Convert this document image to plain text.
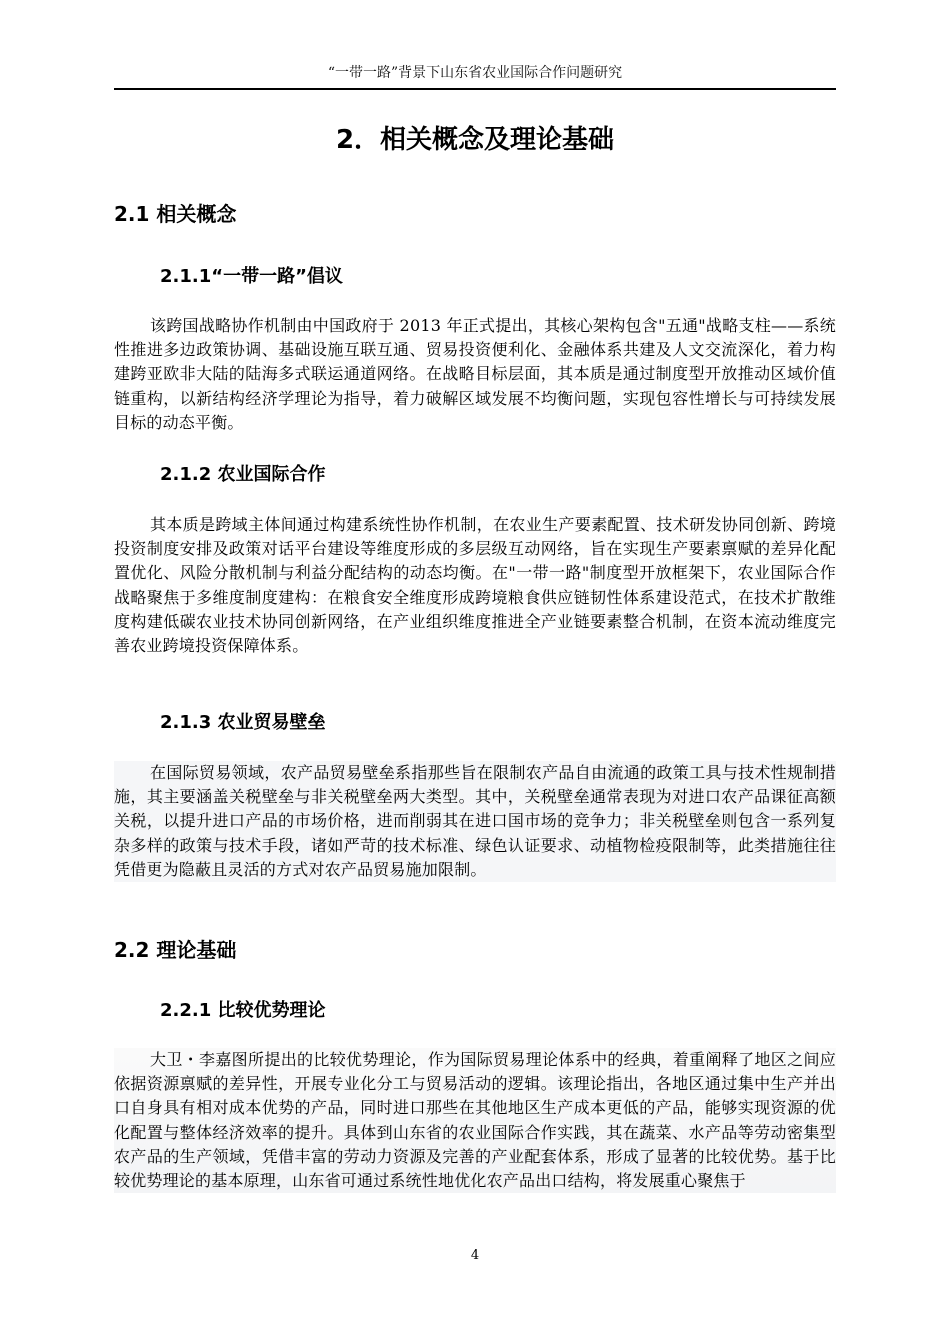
“一带一路”背景下山东省农业国际合作问题研究
2．相关概念及理论基础
2.1 相关概念
2.1.1“一带一路”倡议
该跨国战略协作机制由中国政府于 2013 年正式提出，其核心架构包含"五通"战略支柱——系统性推进多边政策协调、基础设施互联互通、贸易投资便利化、金融体系共建及人文交流深化，着力构建跨亚欧非大陆的陆海多式联运通道网络。在战略目标层面，其本质是通过制度型开放推动区域价值链重构，以新结构经济学理论为指导，着力破解区域发展不均衡问题，实现包容性增长与可持续发展目标的动态平衡。
2.1.2 农业国际合作
其本质是跨域主体间通过构建系统性协作机制，在农业生产要素配置、技术研发协同创新、跨境投资制度安排及政策对话平台建设等维度形成的多层级互动网络，旨在实现生产要素禀赋的差异化配置优化、风险分散机制与利益分配结构的动态均衡。在"一带一路"制度型开放框架下，农业国际合作战略聚焦于多维度制度建构：在粮食安全维度形成跨境粮食供应链韧性体系建设范式，在技术扩散维度构建低碳农业技术协同创新网络，在产业组织维度推进全产业链要素整合机制，在资本流动维度完善农业跨境投资保障体系。
2.1.3 农业贸易壁垒
在国际贸易领域，农产品贸易壁垒系指那些旨在限制农产品自由流通的政策工具与技术性规制措施，其主要涵盖关税壁垒与非关税壁垒两大类型。其中，关税壁垒通常表现为对进口农产品课征高额关税，以提升进口产品的市场价格，进而削弱其在进口国市场的竞争力；非关税壁垒则包含一系列复杂多样的政策与技术手段，诸如严苛的技术标准、绿色认证要求、动植物检疫限制等，此类措施往往凭借更为隐蔽且灵活的方式对农产品贸易施加限制。
2.2 理论基础
2.2.1 比较优势理论
大卫・李嘉图所提出的比较优势理论，作为国际贸易理论体系中的经典，着重阐释了地区之间应依据资源禀赋的差异性，开展专业化分工与贸易活动的逻辑。该理论指出，各地区通过集中生产并出口自身具有相对成本优势的产品，同时进口那些在其他地区生产成本更低的产品，能够实现资源的优化配置与整体经济效率的提升。具体到山东省的农业国际合作实践，其在蔬菜、水产品等劳动密集型农产品的生产领域，凭借丰富的劳动力资源及完善的产业配套体系，形成了显著的比较优势。基于比较优势理论的基本原理，山东省可通过系统性地优化农产品出口结构，将发展重心聚焦于
4
